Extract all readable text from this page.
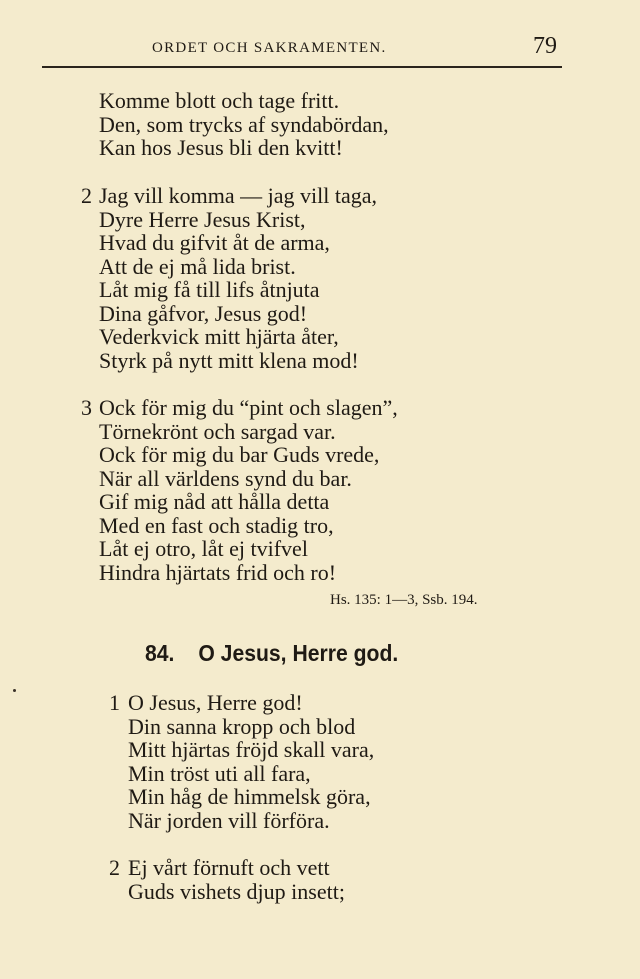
ORDET OCH SAKRAMENTEN.	79
Komme blott och tage fritt.
Den, som trycks af syndabördan,
Kan hos Jesus bli den kvitt!
2 Jag vill komma — jag vill taga,
Dyre Herre Jesus Krist,
Hvad du gifvit åt de arma,
Att de ej må lida brist.
Låt mig få till lifs åtnjuta
Dina gåfvor, Jesus god!
Vederkvick mitt hjärta åter,
Styrk på nytt mitt klena mod!
3 Ock för mig du “pint och slagen”,
Törnekrönt och sargad var.
Ock för mig du bar Guds vrede,
När all världens synd du bar.
Gif mig nåd att hålla detta
Med en fast och stadig tro,
Låt ej otro, låt ej tvifvel
Hindra hjärtats frid och ro!
Hs. 135: 1—3, Ssb. 194.
84. O Jesus, Herre god.
1 O Jesus, Herre god!
Din sanna kropp och blod
Mitt hjärtas fröjd skall vara,
Min tröst uti all fara,
Min håg de himmelsk göra,
När jorden vill förföra.
2 Ej vårt förnuft och vett
Guds vishets djup insett;
